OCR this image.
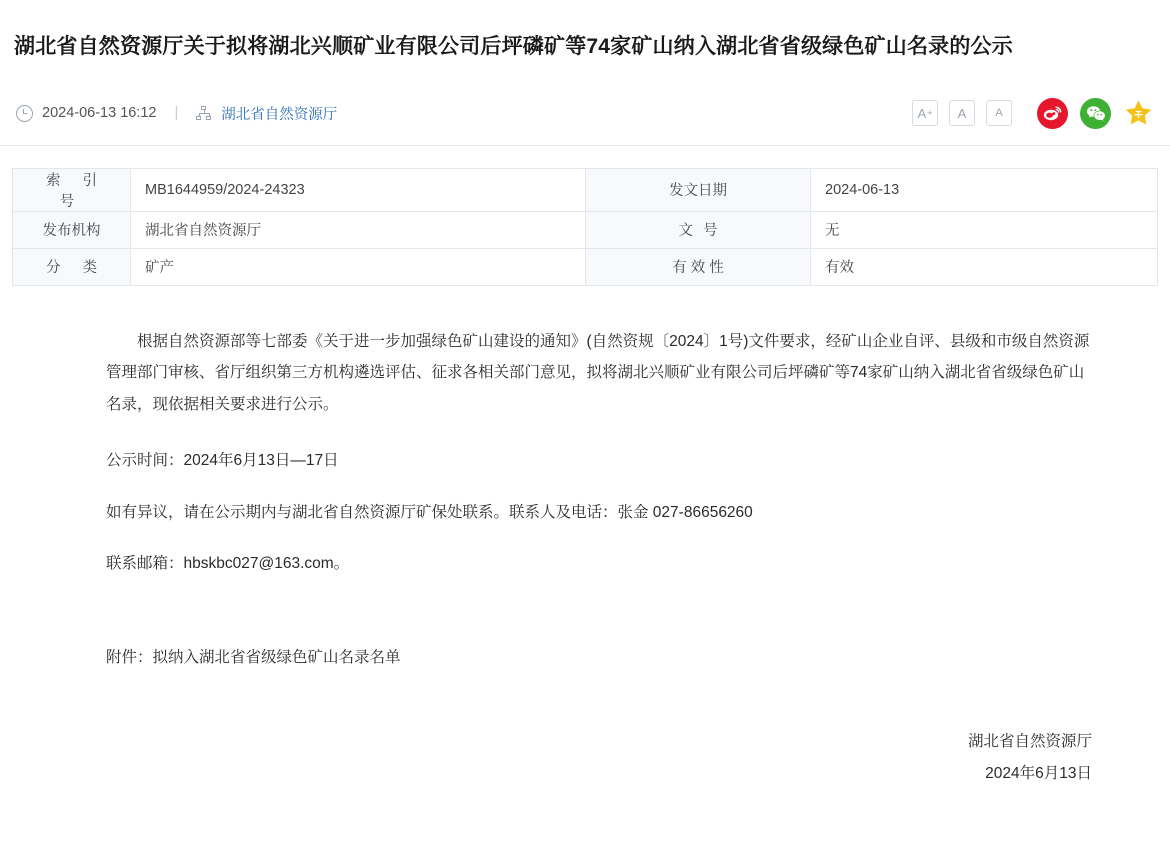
湖北省自然资源厅关于拟将湖北兴顺矿业有限公司后坪磷矿等74家矿山纳入湖北省省级绿色矿山名录的公示
2024-06-13 16:12 |	湖北省自然资源厅	A + A	A
索 引 号	MB1644959/2024-24323	发文日期	2024-06-13
发布机构	湖北省自然资源厅	文 号	无
分 类	矿产	有 效 性	有效

根据自然资源部等七部委《关于进一步加强绿色矿山建设的通知》(自然资规〔2024〕1号)文件要求，经矿山企业自评、县级和市级自然资源管理部门审核、省厅组织第三方机构遴选评估、征求各相关部门意见，拟将湖北兴顺矿业有限公司后坪磷矿等74家矿山纳入湖北省省级绿色矿山名录，现依据相关要求进行公示。

公示时间：2024年6月13日—17日

如有异议，请在公示期内与湖北省自然资源厅矿保处联系。联系人及电话：张金 027-86656260

联系邮箱：hbskbc027@163.com。

附件：拟纳入湖北省省级绿色矿山名录名单

湖北省自然资源厅
2024年6月13日
